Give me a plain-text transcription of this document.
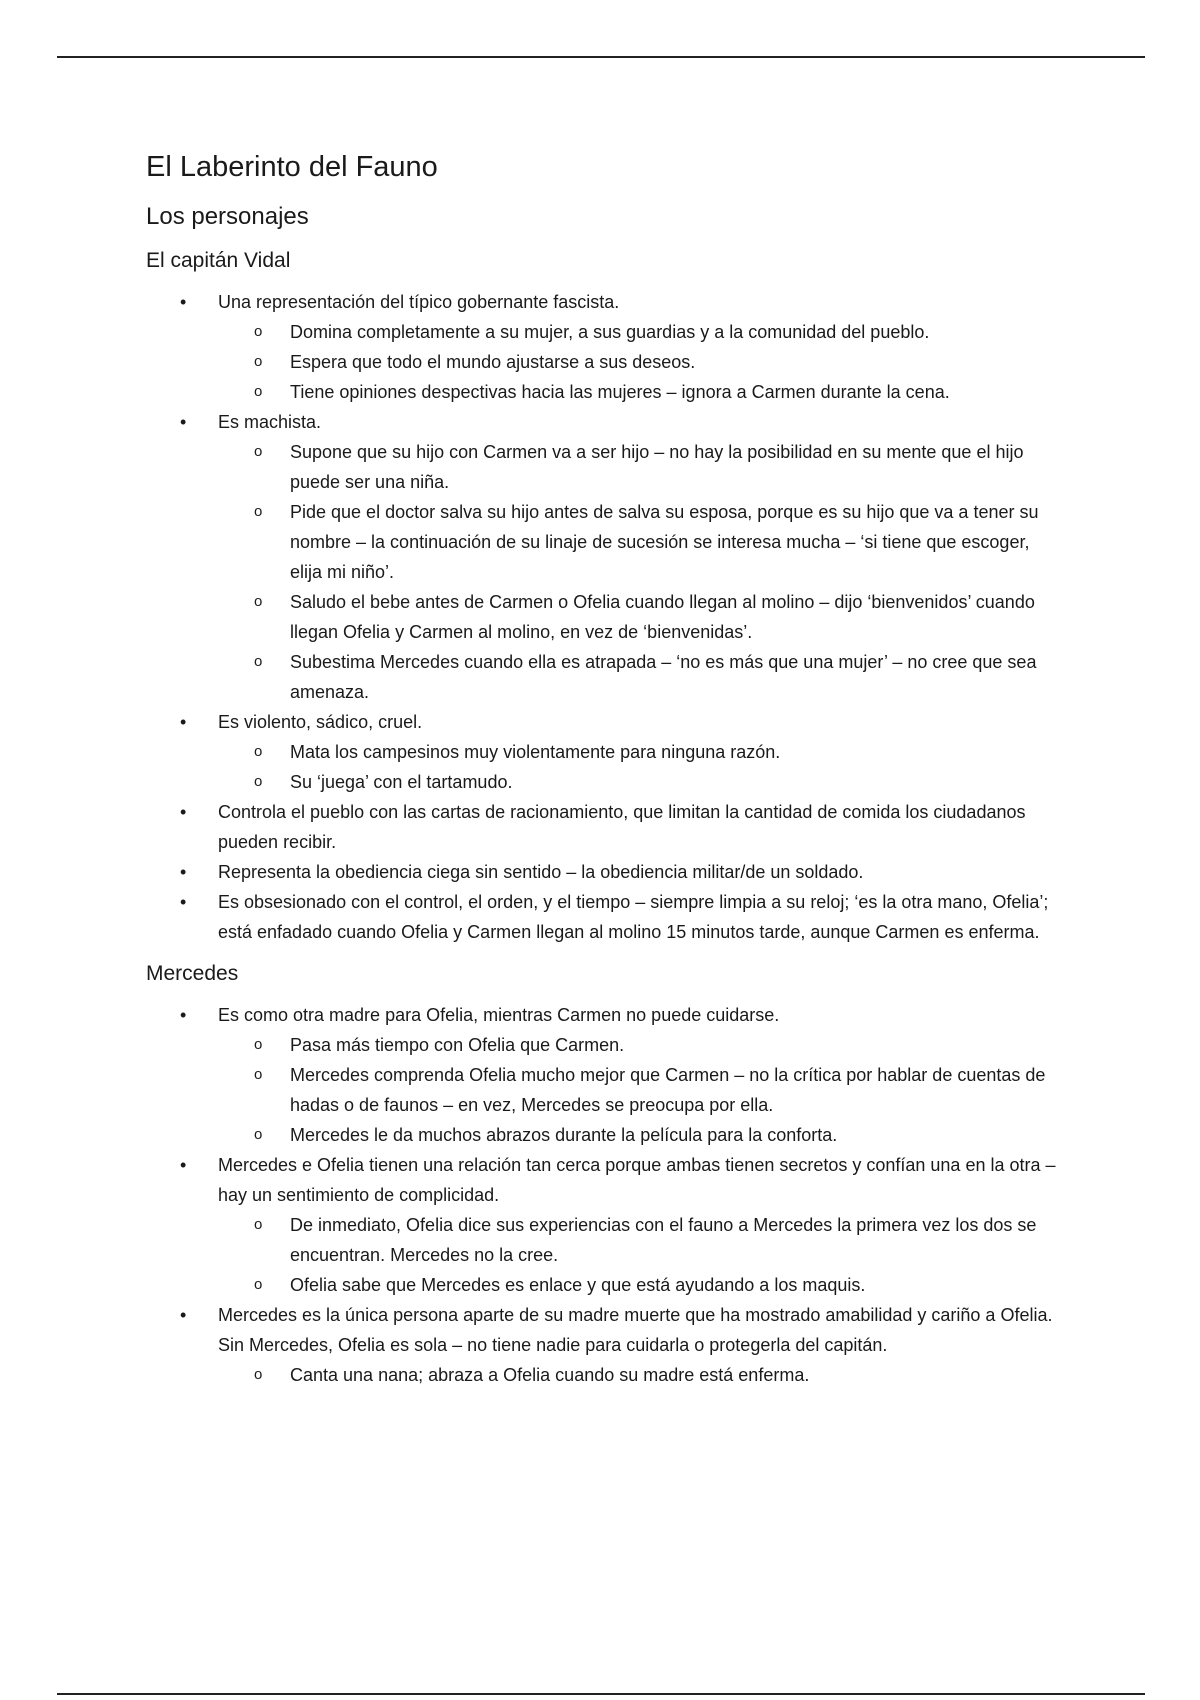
El Laberinto del Fauno
Los personajes
El capitán Vidal
• Una representación del típico gobernante fascista.
o Domina completamente a su mujer, a sus guardias y a la comunidad del pueblo.
o Espera que todo el mundo ajustarse a sus deseos.
o Tiene opiniones despectivas hacia las mujeres – ignora a Carmen durante la cena.
• Es machista.
o Supone que su hijo con Carmen va a ser hijo – no hay la posibilidad en su mente que el hijo puede ser una niña.
o Pide que el doctor salva su hijo antes de salva su esposa, porque es su hijo que va a tener su nombre – la continuación de su linaje de sucesión se interesa mucha – ‘si tiene que escoger, elija mi niño’.
o Saludo el bebe antes de Carmen o Ofelia cuando llegan al molino – dijo ‘bienvenidos’ cuando llegan Ofelia y Carmen al molino, en vez de ‘bienvenidas’.
o Subestima Mercedes cuando ella es atrapada – ‘no es más que una mujer’ – no cree que sea amenaza.
• Es violento, sádico, cruel.
o Mata los campesinos muy violentamente para ninguna razón.
o Su ‘juega’ con el tartamudo.
• Controla el pueblo con las cartas de racionamiento, que limitan la cantidad de comida los ciudadanos pueden recibir.
• Representa la obediencia ciega sin sentido – la obediencia militar/de un soldado.
• Es obsesionado con el control, el orden, y el tiempo – siempre limpia a su reloj; ‘es la otra mano, Ofelia’; está enfadado cuando Ofelia y Carmen llegan al molino 15 minutos tarde, aunque Carmen es enferma.
Mercedes
• Es como otra madre para Ofelia, mientras Carmen no puede cuidarse.
o Pasa más tiempo con Ofelia que Carmen.
o Mercedes comprenda Ofelia mucho mejor que Carmen – no la crítica por hablar de cuentas de hadas o de faunos – en vez, Mercedes se preocupa por ella.
o Mercedes le da muchos abrazos durante la película para la conforta.
• Mercedes e Ofelia tienen una relación tan cerca porque ambas tienen secretos y confían una en la otra – hay un sentimiento de complicidad.
o De inmediato, Ofelia dice sus experiencias con el fauno a Mercedes la primera vez los dos se encuentran. Mercedes no la cree.
o Ofelia sabe que Mercedes es enlace y que está ayudando a los maquis.
• Mercedes es la única persona aparte de su madre muerte que ha mostrado amabilidad y cariño a Ofelia. Sin Mercedes, Ofelia es sola – no tiene nadie para cuidarla o protegerla del capitán.
o Canta una nana; abraza a Ofelia cuando su madre está enferma.
